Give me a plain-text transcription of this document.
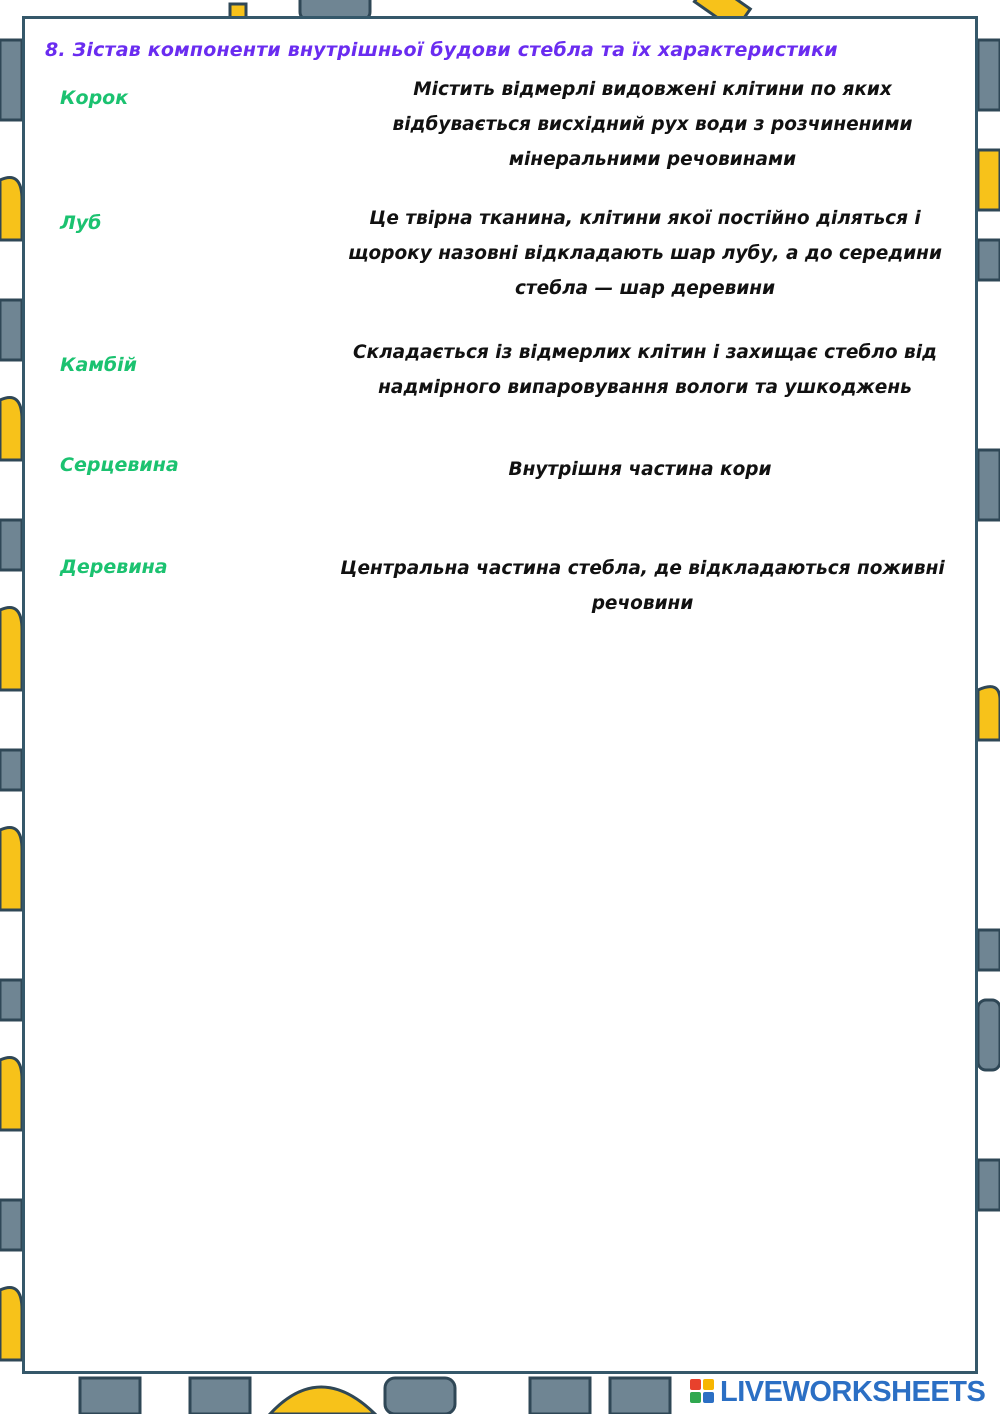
8. Зістав компоненти внутрішньої будови стебла та їх характеристики
Корок
Луб
Камбій
Серцевина
Деревина
Містить відмерлі видовжені клітини по яких відбувається висхідний рух води з розчиненими мінеральними речовинами
Це твірна тканина, клітини якої постійно діляться і щороку назовні відкладають шар лубу, а до середини стебла — шар деревини
Складається із відмерлих клітин і захищає стебло від надмірного випаровування вологи та ушкоджень
Внутрішня частина кори
Центральна частина стебла, де відкладаються поживні речовини
LIVEWORKSHEETS
